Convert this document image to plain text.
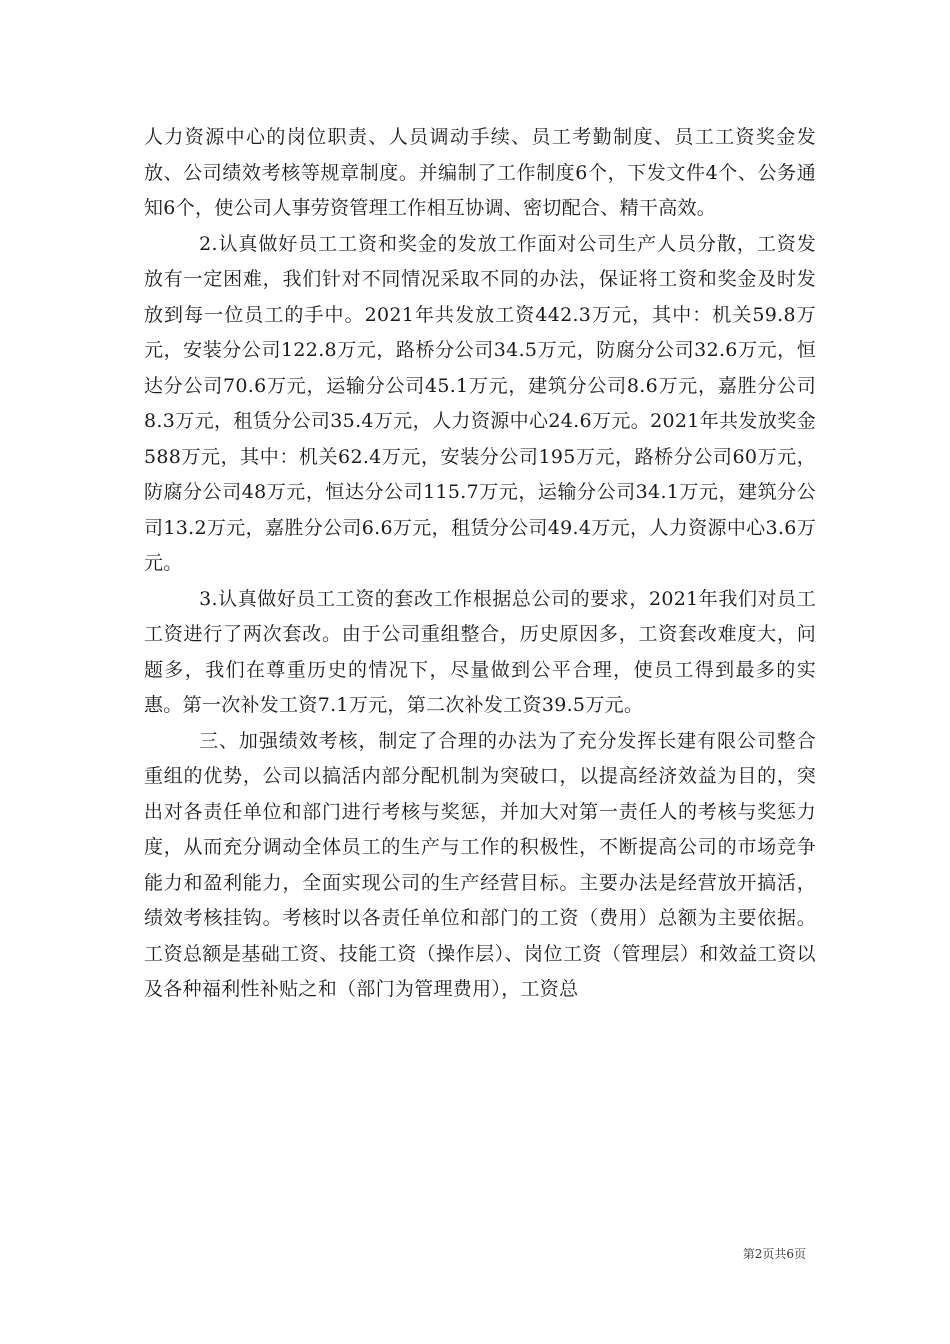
人力资源中心的岗位职责、人员调动手续、员工考勤制度、员工工资奖金发放、公司绩效考核等规章制度。并编制了工作制度6个，下发文件4个、公务通知6个，使公司人事劳资管理工作相互协调、密切配合、精干高效。

2.认真做好员工工资和奖金的发放工作面对公司生产人员分散，工资发放有一定困难，我们针对不同情况采取不同的办法，保证将工资和奖金及时发放到每一位员工的手中。2021年共发放工资442.3万元，其中：机关59.8万元，安装分公司122.8万元，路桥分公司34.5万元，防腐分公司32.6万元，恒达分公司70.6万元，运输分公司45.1万元，建筑分公司8.6万元，嘉胜分公司8.3万元，租赁分公司35.4万元，人力资源中心24.6万元。2021年共发放奖金588万元，其中：机关62.4万元，安装分公司195万元，路桥分公司60万元，防腐分公司48万元，恒达分公司115.7万元，运输分公司34.1万元，建筑分公司13.2万元，嘉胜分公司6.6万元，租赁分公司49.4万元，人力资源中心3.6万元。

3.认真做好员工工资的套改工作根据总公司的要求，2021年我们对员工工资进行了两次套改。由于公司重组整合，历史原因多，工资套改难度大，问题多，我们在尊重历史的情况下，尽量做到公平合理，使员工得到最多的实惠。第一次补发工资7.1万元，第二次补发工资39.5万元。

三、加强绩效考核，制定了合理的办法为了充分发挥长建有限公司整合重组的优势，公司以搞活内部分配机制为突破口，以提高经济效益为目的，突出对各责任单位和部门进行考核与奖惩，并加大对第一责任人的考核与奖惩力度，从而充分调动全体员工的生产与工作的积极性，不断提高公司的市场竞争能力和盈利能力，全面实现公司的生产经营目标。主要办法是经营放开搞活，绩效考核挂钩。考核时以各责任单位和部门的工资（费用）总额为主要依据。工资总额是基础工资、技能工资（操作层）、岗位工资（管理层）和效益工资以及各种福利性补贴之和（部门为管理费用），工资总

第2页共6页
